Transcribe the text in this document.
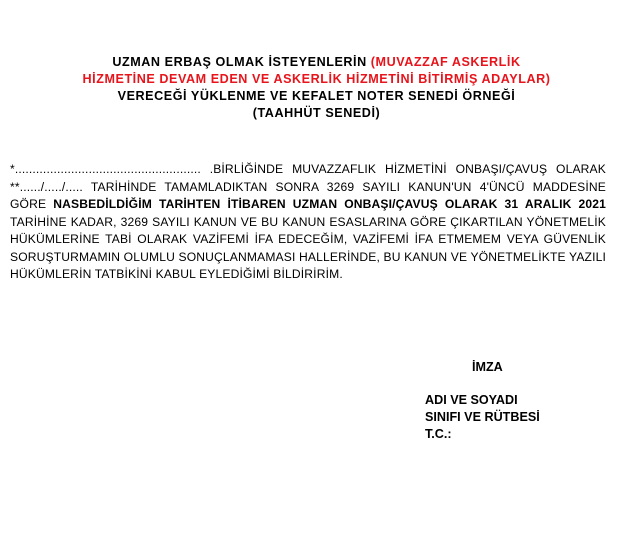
UZMAN ERBAŞ OLMAK İSTEYENLERİN (MUVAZZAF ASKERLİK
HİZMETİNE DEVAM EDEN VE ASKERLİK HİZMETİNİ BİTİRMİŞ ADAYLAR)
VERECEĞİ YÜKLENME VE KEFALET NOTER SENEDİ ÖRNEĞİ
(TAAHHÜT SENEDİ)
*..................................................... .BİRLİĞİNDE MUVAZZAFLIK HİZMETİNİ ONBAŞI/ÇAVUŞ OLARAK **....../...../..... TARİHİNDE TAMAMLADIKTAN SONRA 3269 SAYILI KANUN'UN 4'ÜNCÜ MADDESİNE GÖRE NASBEDİLDİĞİM TARİHTEN İTİBAREN UZMAN ONBAŞI/ÇAVUŞ OLARAK 31 ARALIK 2021 TARİHİNE KADAR, 3269 SAYILI KANUN VE BU KANUN ESASLARINA GÖRE ÇIKARTILAN YÖNETMELİK HÜKÜMLERİNE TABİ OLARAK VAZİFEMİ İFA EDECEĞİM, VAZİFEMİ İFA ETMEMEM VEYA GÜVENLİK SORUŞTURMAMIN OLUMLU SONUÇLANMAMASI HALLERİNDE, BU KANUN VE YÖNETMELİKTE YAZILI HÜKÜMLERİN TATBİKİNİ KABUL EYLEDİĞİMİ BİLDİRİRİM.
İMZA
ADI VE SOYADI
SINIFI VE RÜTBESİ
T.C.:
